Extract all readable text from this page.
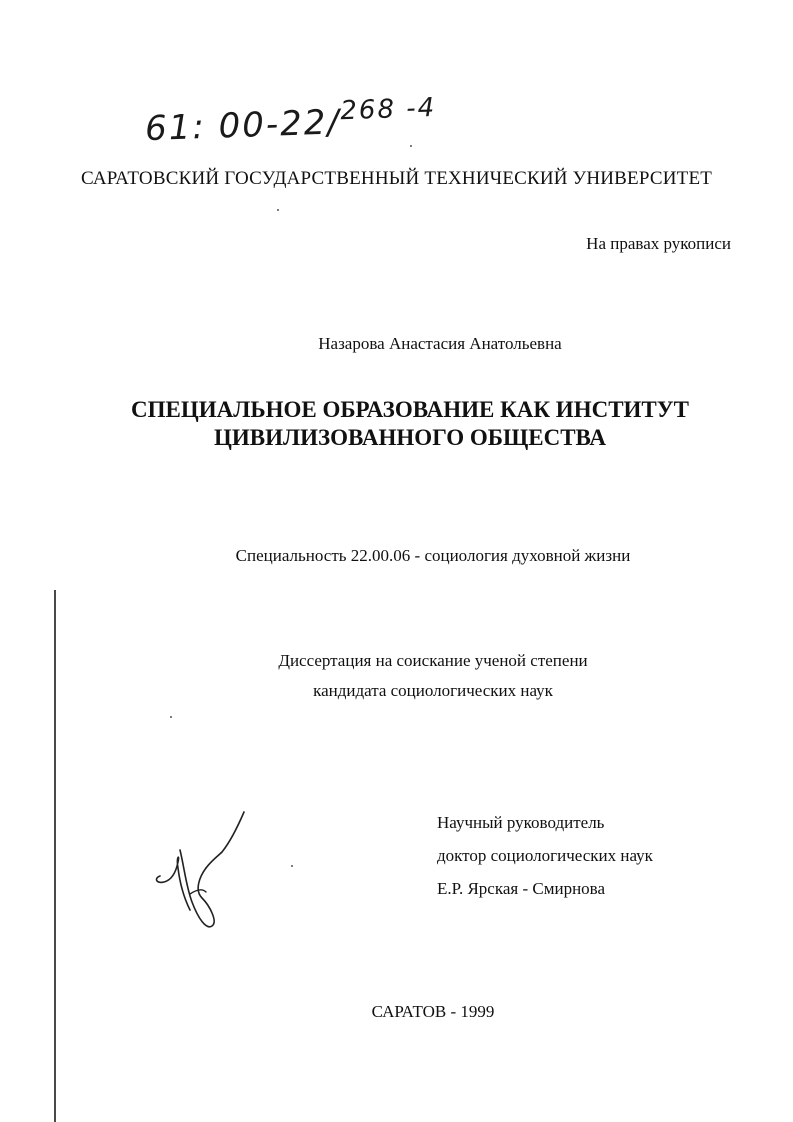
61: 00-22/$^{268 -4}$
САРАТОВСКИЙ ГОСУДАРСТВЕННЫЙ ТЕХНИЧЕСКИЙ УНИВЕРСИТЕТ
На правах рукописи
Назарова Анастасия Анатольевна
СПЕЦИАЛЬНОЕ ОБРАЗОВАНИЕ КАК ИНСТИТУТ
ЦИВИЛИЗОВАННОГО ОБЩЕСТВА
Специальность 22.00.06 - социология духовной жизни
Диссертация на соискание ученой степени
кандидата социологических наук
Научный руководитель
доктор социологических наук
Е.Р. Ярская - Смирнова
САРАТОВ - 1999
